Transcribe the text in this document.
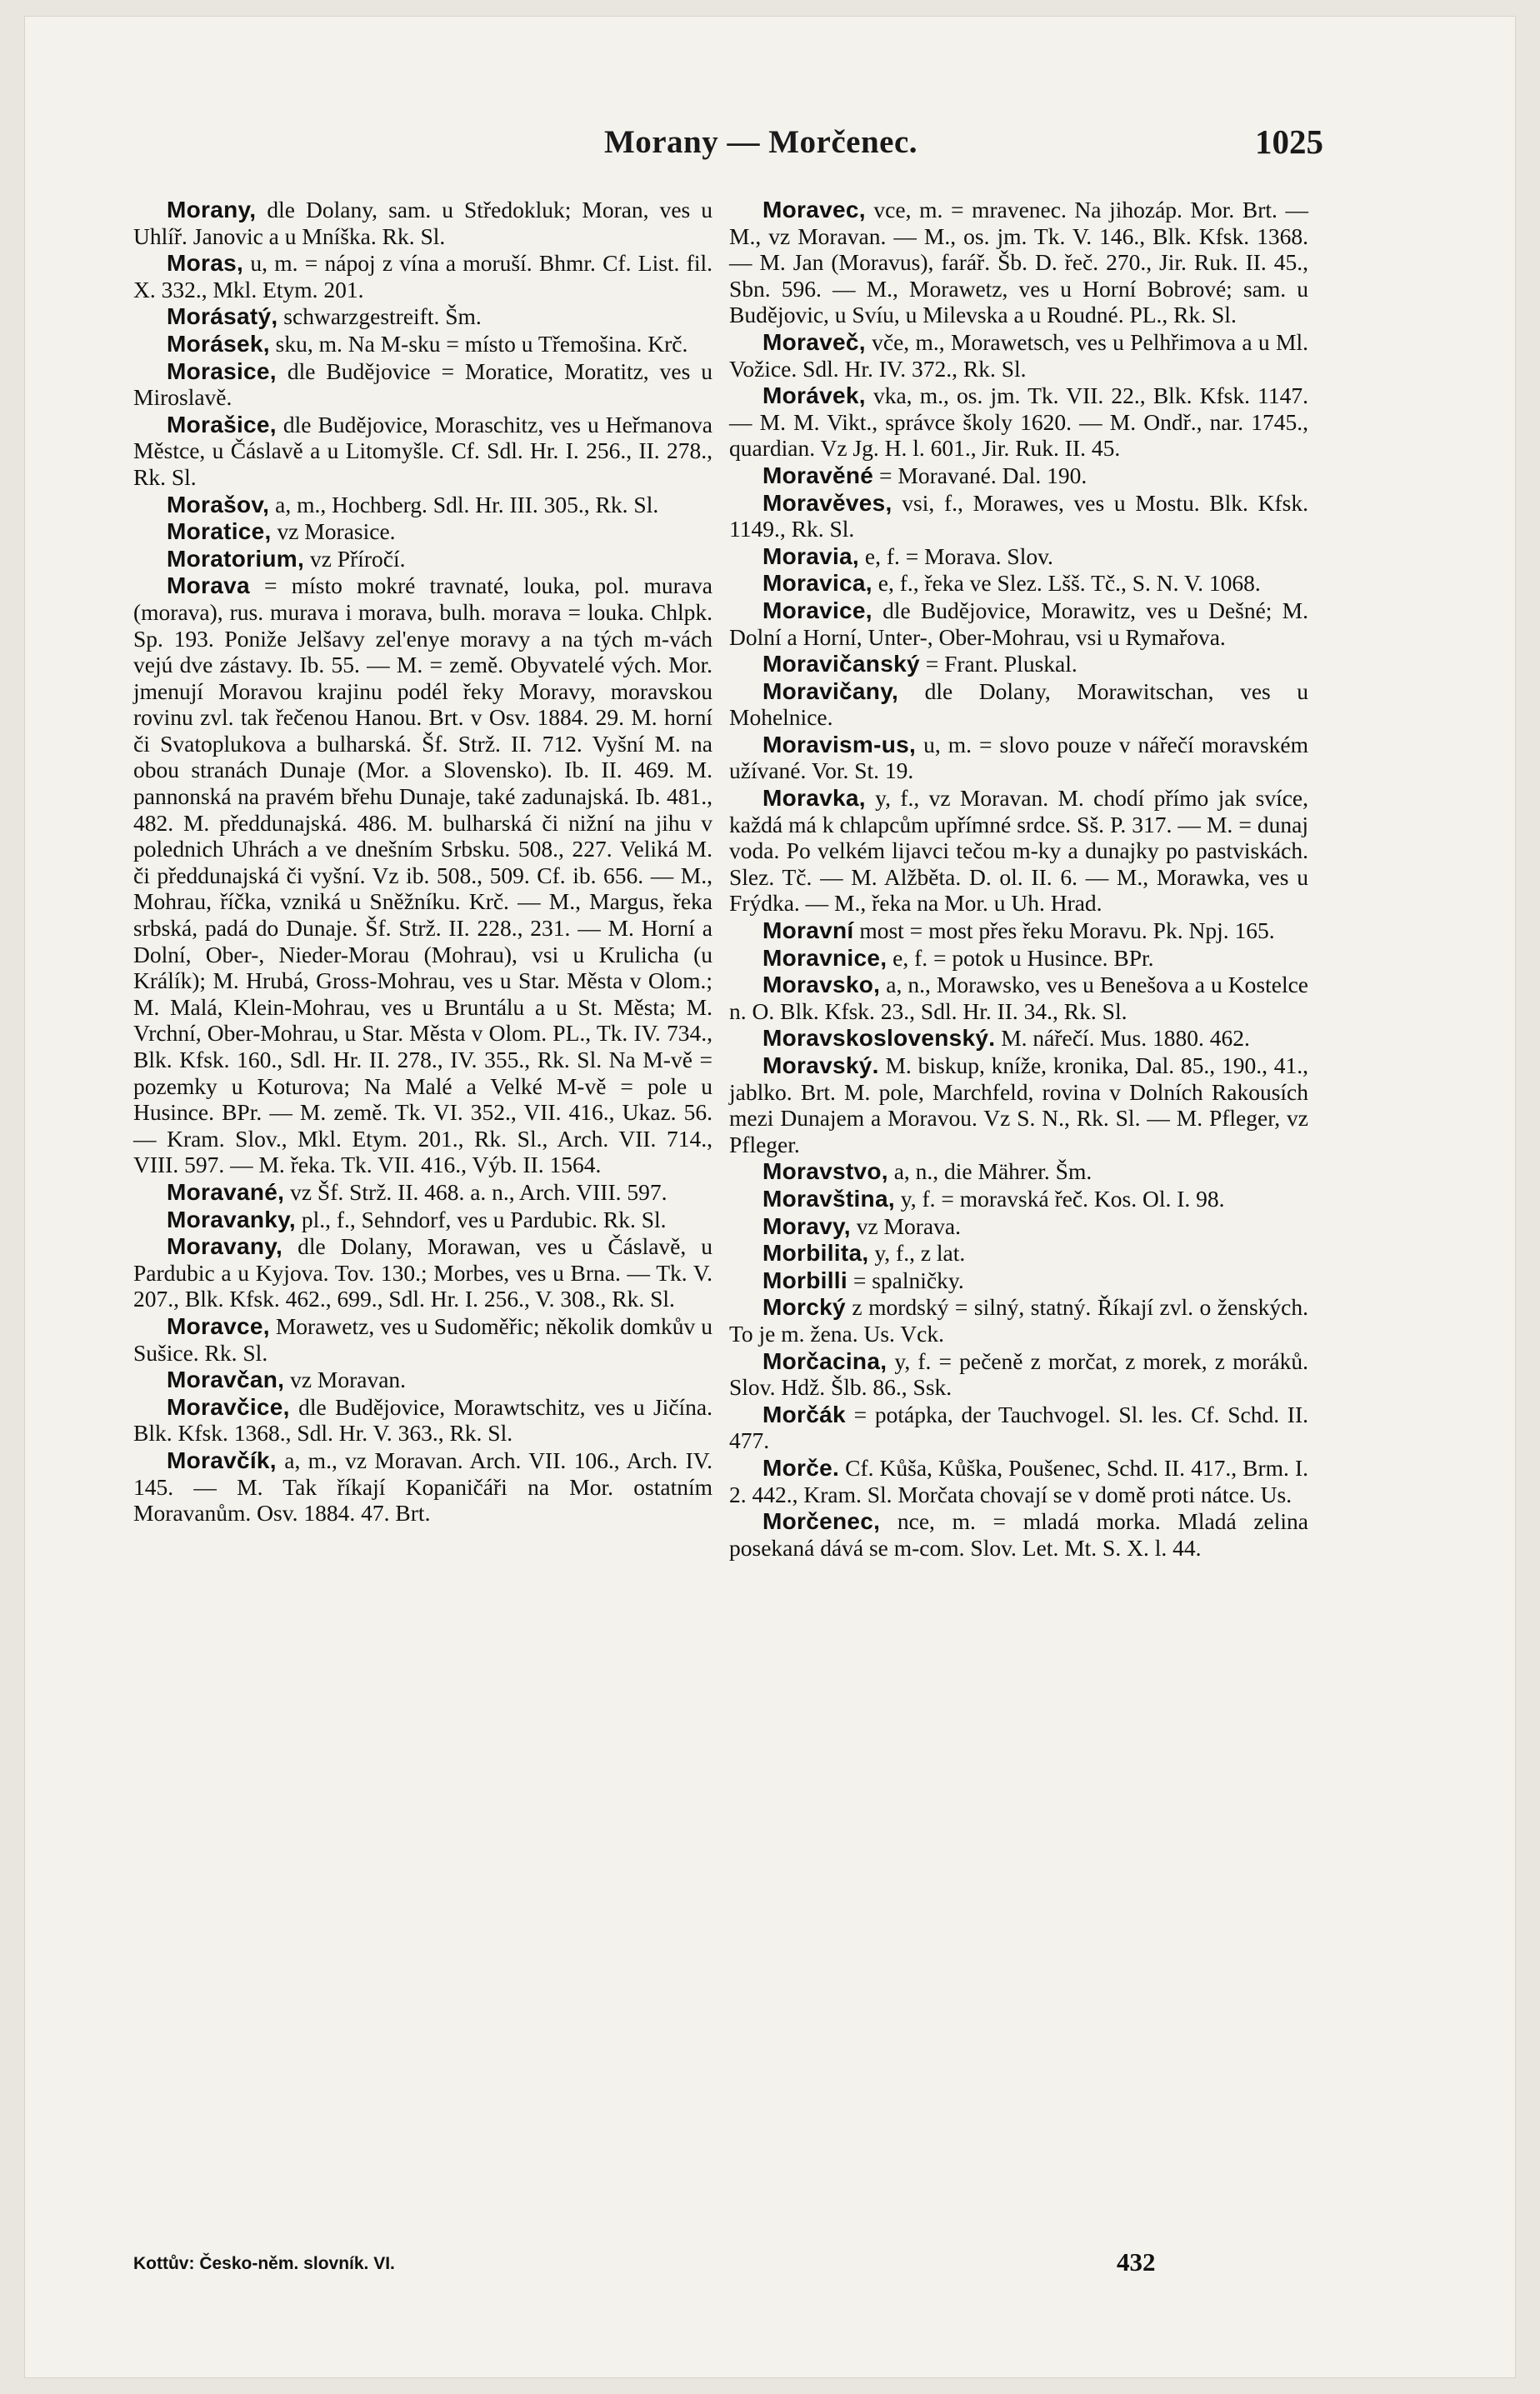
Morany — Morčenec.	1025

Morany, dle Dolany, sam. u Středokluk; Moran, ves u Uhlíř. Janovic a u Mníška. Rk. Sl.

Moras, u, m. = nápoj z vína a moruší. Bhmr. Cf. List. fil. X. 332., Mkl. Etym. 201.

Morásatý, schwarzgestreift. Šm.

Morásek, sku, m. Na M-sku = místo u Třemošina. Krč.

Morasice, dle Budějovice = Moratice, Moratitz, ves u Miroslavě.

Morašice, dle Budějovice, Moraschitz, ves u Heřmanova Městce, u Čáslavě a u Litomyšle. Cf. Sdl. Hr. I. 256., II. 278., Rk. Sl.

Morašov, a, m., Hochberg. Sdl. Hr. III. 305., Rk. Sl.

Moratice, vz Morasice.

Moratorium, vz Příročí.

Morava = místo mokré travnaté, louka, pol. murava (morava), rus. murava i morava, bulh. morava = louka. Chlpk. Sp. 193. Poniže Jelšavy zel'enye moravy a na tých m-vách vejú dve zástavy. Ib. 55. — M. = země. Obyvatelé vých. Mor. jmenují Moravou krajinu podél řeky Moravy, moravskou rovinu zvl. tak řečenou Hanou. Brt. v Osv. 1884. 29. M. horní či Svatoplukova a bulharská. Šf. Strž. II. 712. Vyšní M. na obou stranách Dunaje (Mor. a Slovensko). Ib. II. 469. M. pannonská na pravém břehu Dunaje, také zadunajská. Ib. 481., 482. M. předdunajská. 486. M. bulharská či nižní na jihu v polednich Uhrách a ve dnešním Srbsku. 508., 227. Veliká M. či předdunajská či vyšní. Vz ib. 508., 509. Cf. ib. 656. — M., Mohrau, říčka, vzniká u Sněžníku. Krč. — M., Margus, řeka srbská, padá do Dunaje. Šf. Strž. II. 228., 231. — M. Horní a Dolní, Ober-, Nieder-Morau (Mohrau), vsi u Krulicha (u Králík); M. Hrubá, Gross-Mohrau, ves u Star. Města v Olom.; M. Malá, Klein-Mohrau, ves u Bruntálu a u St. Města; M. Vrchní, Ober-Mohrau, u Star. Města v Olom. PL., Tk. IV. 734., Blk. Kfsk. 160., Sdl. Hr. II. 278., IV. 355., Rk. Sl. Na M-vě = pozemky u Koturova; Na Malé a Velké M-vě = pole u Husince. BPr. — M. země. Tk. VI. 352., VII. 416., Ukaz. 56. — Kram. Slov., Mkl. Etym. 201., Rk. Sl., Arch. VII. 714., VIII. 597. — M. řeka. Tk. VII. 416., Výb. II. 1564.

Moravané, vz Šf. Strž. II. 468. a. n., Arch. VIII. 597.

Moravanky, pl., f., Sehndorf, ves u Pardubic. Rk. Sl.

Moravany, dle Dolany, Morawan, ves u Čáslavě, u Pardubic a u Kyjova. Tov. 130.; Morbes, ves u Brna. — Tk. V. 207., Blk. Kfsk. 462., 699., Sdl. Hr. I. 256., V. 308., Rk. Sl.

Moravce, Morawetz, ves u Sudoměřic; několik domkův u Sušice. Rk. Sl.

Moravčan, vz Moravan.

Moravčice, dle Budějovice, Morawtschitz, ves u Jičína. Blk. Kfsk. 1368., Sdl. Hr. V. 363., Rk. Sl.

Moravčík, a, m., vz Moravan. Arch. VII. 106., Arch. IV. 145. — M. Tak říkají Kopaničáři na Mor. ostatním Moravanům. Osv. 1884. 47. Brt.

Moravec, vce, m. = mravenec. Na jihozáp. Mor. Brt. — M., vz Moravan. — M., os. jm. Tk. V. 146., Blk. Kfsk. 1368. — M. Jan (Moravus), farář. Šb. D. řeč. 270., Jir. Ruk. II. 45., Sbn. 596. — M., Morawetz, ves u Horní Bobrové; sam. u Budějovic, u Svíu, u Milevska a u Roudné. PL., Rk. Sl.

Moraveč, vče, m., Morawetsch, ves u Pelhřimova a u Ml. Vožice. Sdl. Hr. IV. 372., Rk. Sl.

Morávek, vka, m., os. jm. Tk. VII. 22., Blk. Kfsk. 1147. — M. M. Vikt., správce školy 1620. — M. Ondř., nar. 1745., quardian. Vz Jg. H. l. 601., Jir. Ruk. II. 45.

Moravěné = Moravané. Dal. 190.

Moravěves, vsi, f., Morawes, ves u Mostu. Blk. Kfsk. 1149., Rk. Sl.

Moravia, e, f. = Morava. Slov.

Moravica, e, f., řeka ve Slez. Lšš. Tč., S. N. V. 1068.

Moravice, dle Budějovice, Morawitz, ves u Dešné; M. Dolní a Horní, Unter-, Ober-Mohrau, vsi u Rymařova.

Moravičanský = Frant. Pluskal.

Moravičany, dle Dolany, Morawitschan, ves u Mohelnice.

Moravism-us, u, m. = slovo pouze v nářečí moravském užívané. Vor. St. 19.

Moravka, y, f., vz Moravan. M. chodí přímo jak svíce, každá má k chlapcům upřímné srdce. Sš. P. 317. — M. = dunaj voda. Po velkém lijavci tečou m-ky a dunajky po pastviskách. Slez. Tč. — M. Alžběta. D. ol. II. 6. — M., Morawka, ves u Frýdka. — M., řeka na Mor. u Uh. Hrad.

Moravní most = most přes řeku Moravu. Pk. Npj. 165.

Moravnice, e, f. = potok u Husince. BPr.

Moravsko, a, n., Morawsko, ves u Benešova a u Kostelce n. O. Blk. Kfsk. 23., Sdl. Hr. II. 34., Rk. Sl.

Moravskoslovenský. M. nářečí. Mus. 1880. 462.

Moravský. M. biskup, kníže, kronika, Dal. 85., 190., 41., jablko. Brt. M. pole, Marchfeld, rovina v Dolních Rakousích mezi Dunajem a Moravou. Vz S. N., Rk. Sl. — M. Pfleger, vz Pfleger.

Moravstvo, a, n., die Mährer. Šm.

Moravština, y, f. = moravská řeč. Kos. Ol. I. 98.

Moravy, vz Morava.

Morbilita, y, f., z lat.

Morbilli = spalničky.

Morcký z mordský = silný, statný. Říkají zvl. o ženských. To je m. žena. Us. Vck.

Morčacina, y, f. = pečeně z morčat, z morek, z moráků. Slov. Hdž. Šlb. 86., Ssk.

Morčák = potápka, der Tauchvogel. Sl. les. Cf. Schd. II. 477.

Morče. Cf. Kůša, Kůška, Poušenec, Schd. II. 417., Brm. I. 2. 442., Kram. Sl. Morčata chovají se v domě proti nátce. Us.

Morčenec, nce, m. = mladá morka. Mladá zelina posekaná dává se m-com. Slov. Let. Mt. S. X. l. 44.

Kottův: Česko-něm. slovník. VI.	432
